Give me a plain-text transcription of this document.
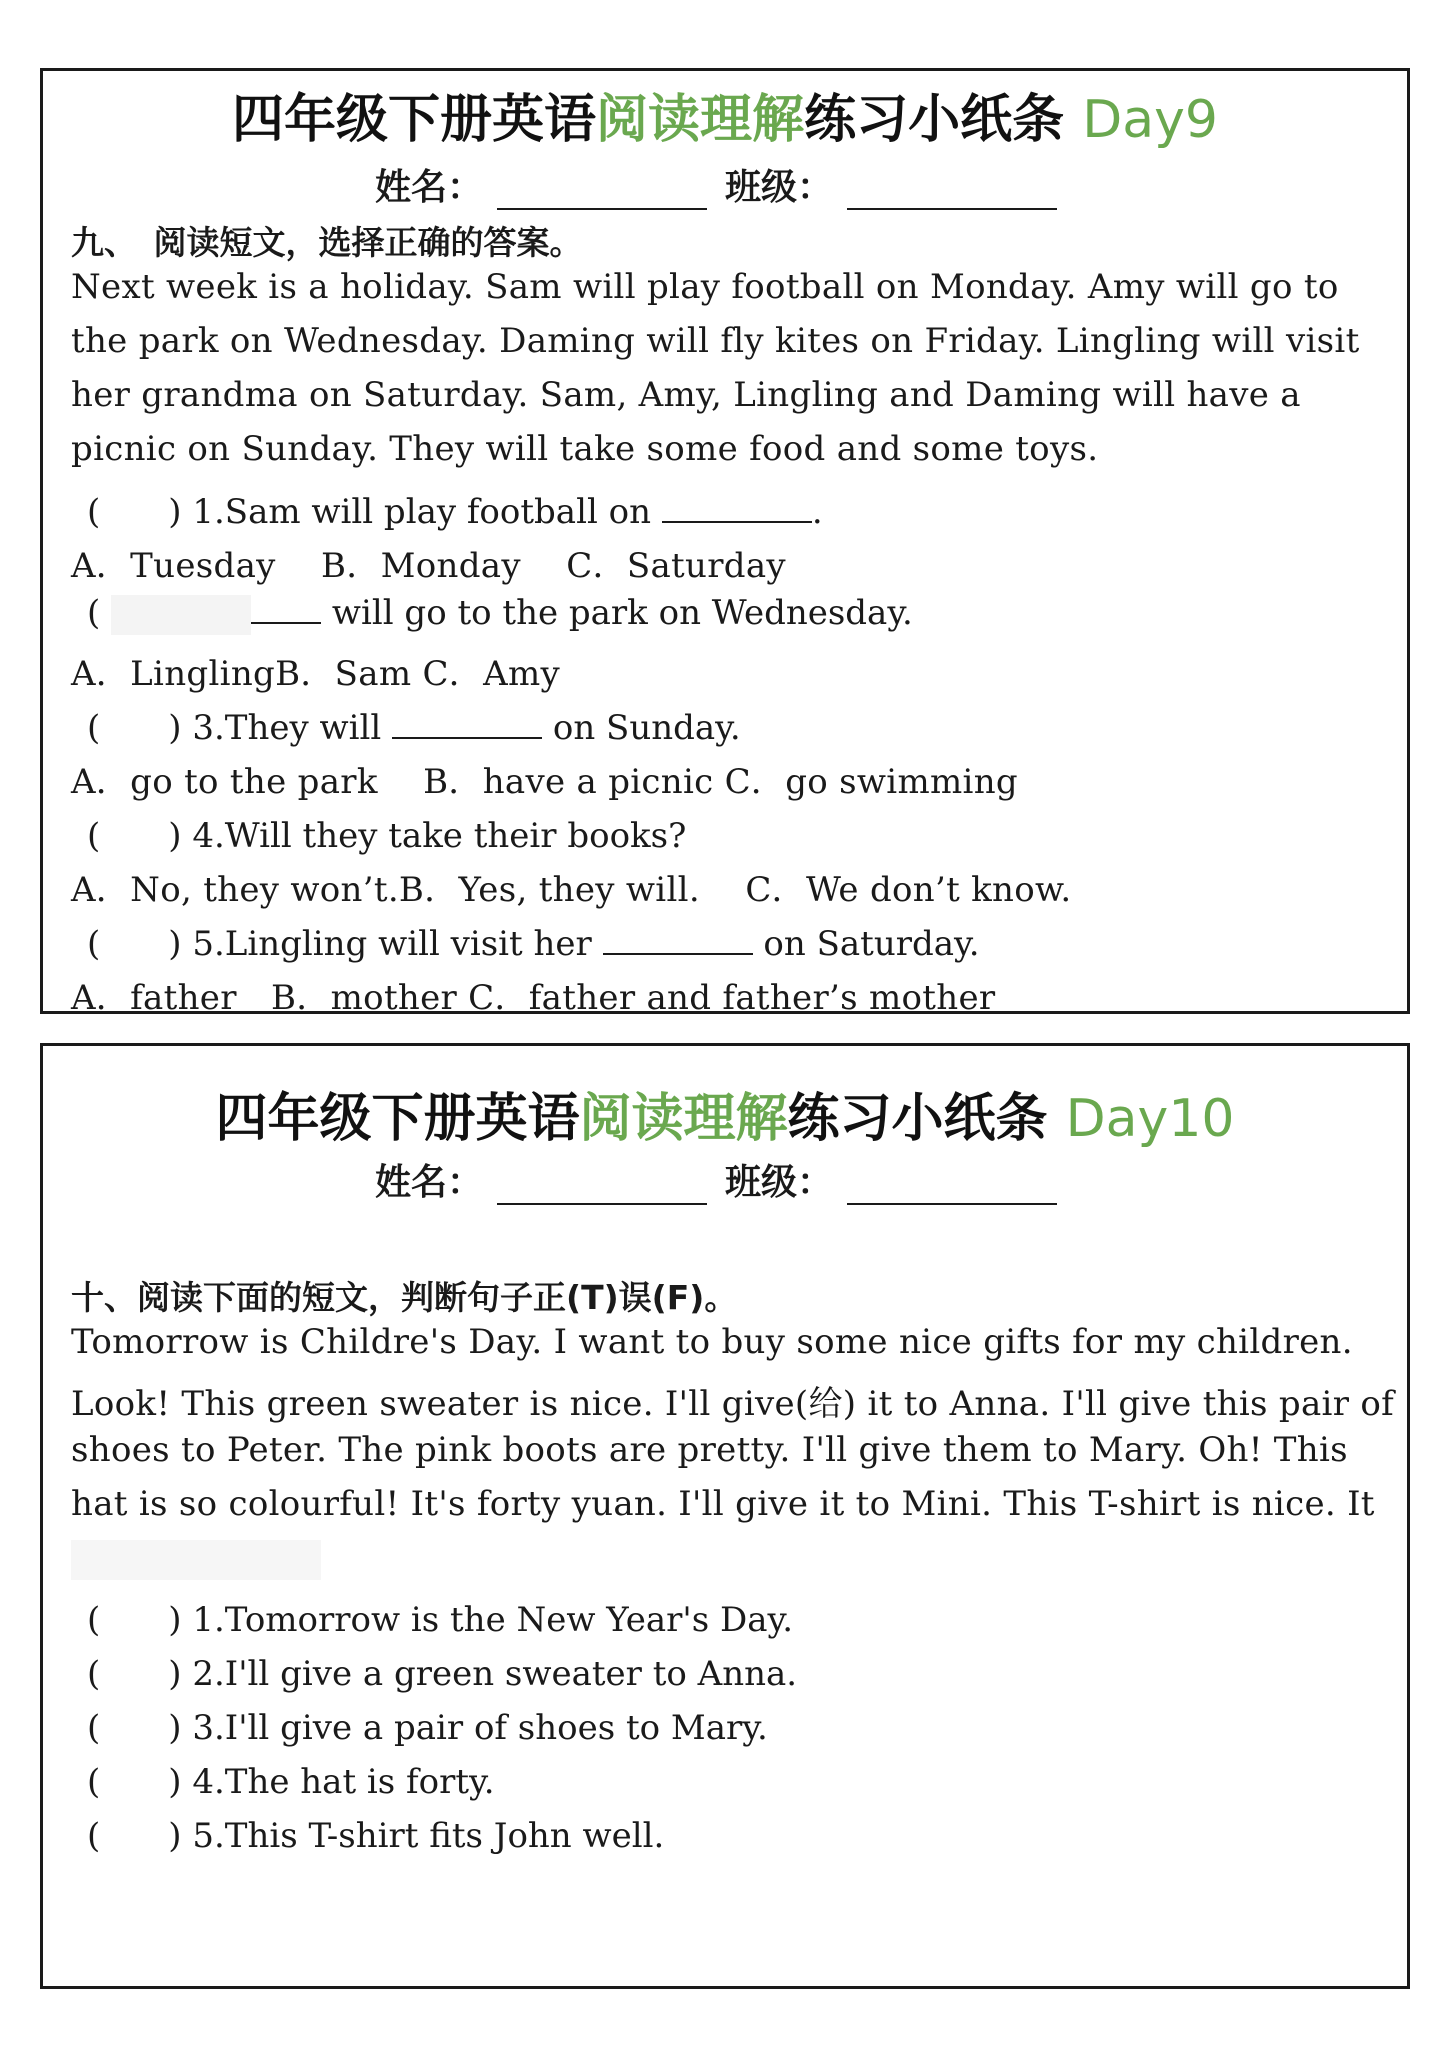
四年级下册英语阅读理解练习小纸条 Day9
姓名：	班级：
九、　阅读短文，选择正确的答案。
Next week is a holiday. Sam will play football on Monday. Amy will go to
the park on Wednesday. Daming will fly kites on Friday. Lingling will visit
her grandma on Saturday. Sam, Amy, Lingling and Daming will have a
picnic on Sunday. They will take some food and some toys.
(　　) 1.Sam will play football on	.
A．Tuesday　 B．Monday　 C．Saturday
(	will go to the park on Wednesday.
A．LinglingB．Sam C．Amy
(　　) 3.They will	on Sunday.
A．go to the park　 B．have a picnic C．go swimming
(　　) 4.Will they take their books?
A．No, they won’t.B．Yes, they will.　 C．We don’t know.
(　　) 5.Lingling will visit her	on Saturday.
A．father　B．mother C．father and father’s mother
四年级下册英语阅读理解练习小纸条 Day10
姓名：	班级：
十、阅读下面的短文，判断句子正(T)误(F)。
Tomorrow is Childre's Day. I want to buy some nice gifts for my children.
Look! This green sweater is nice. I'll give(给) it to Anna. I'll give this pair of
shoes to Peter. The pink boots are pretty. I'll give them to Mary. Oh! This
hat is so colourful! It's forty yuan. I'll give it to Mini. This T-shirt is nice. It
(　　) 1.Tomorrow is the New Year's Day.
(　　) 2.I'll give a green sweater to Anna.
(　　) 3.I'll give a pair of shoes to Mary.
(　　) 4.The hat is forty.
(　　) 5.This T-shirt fits John well.
